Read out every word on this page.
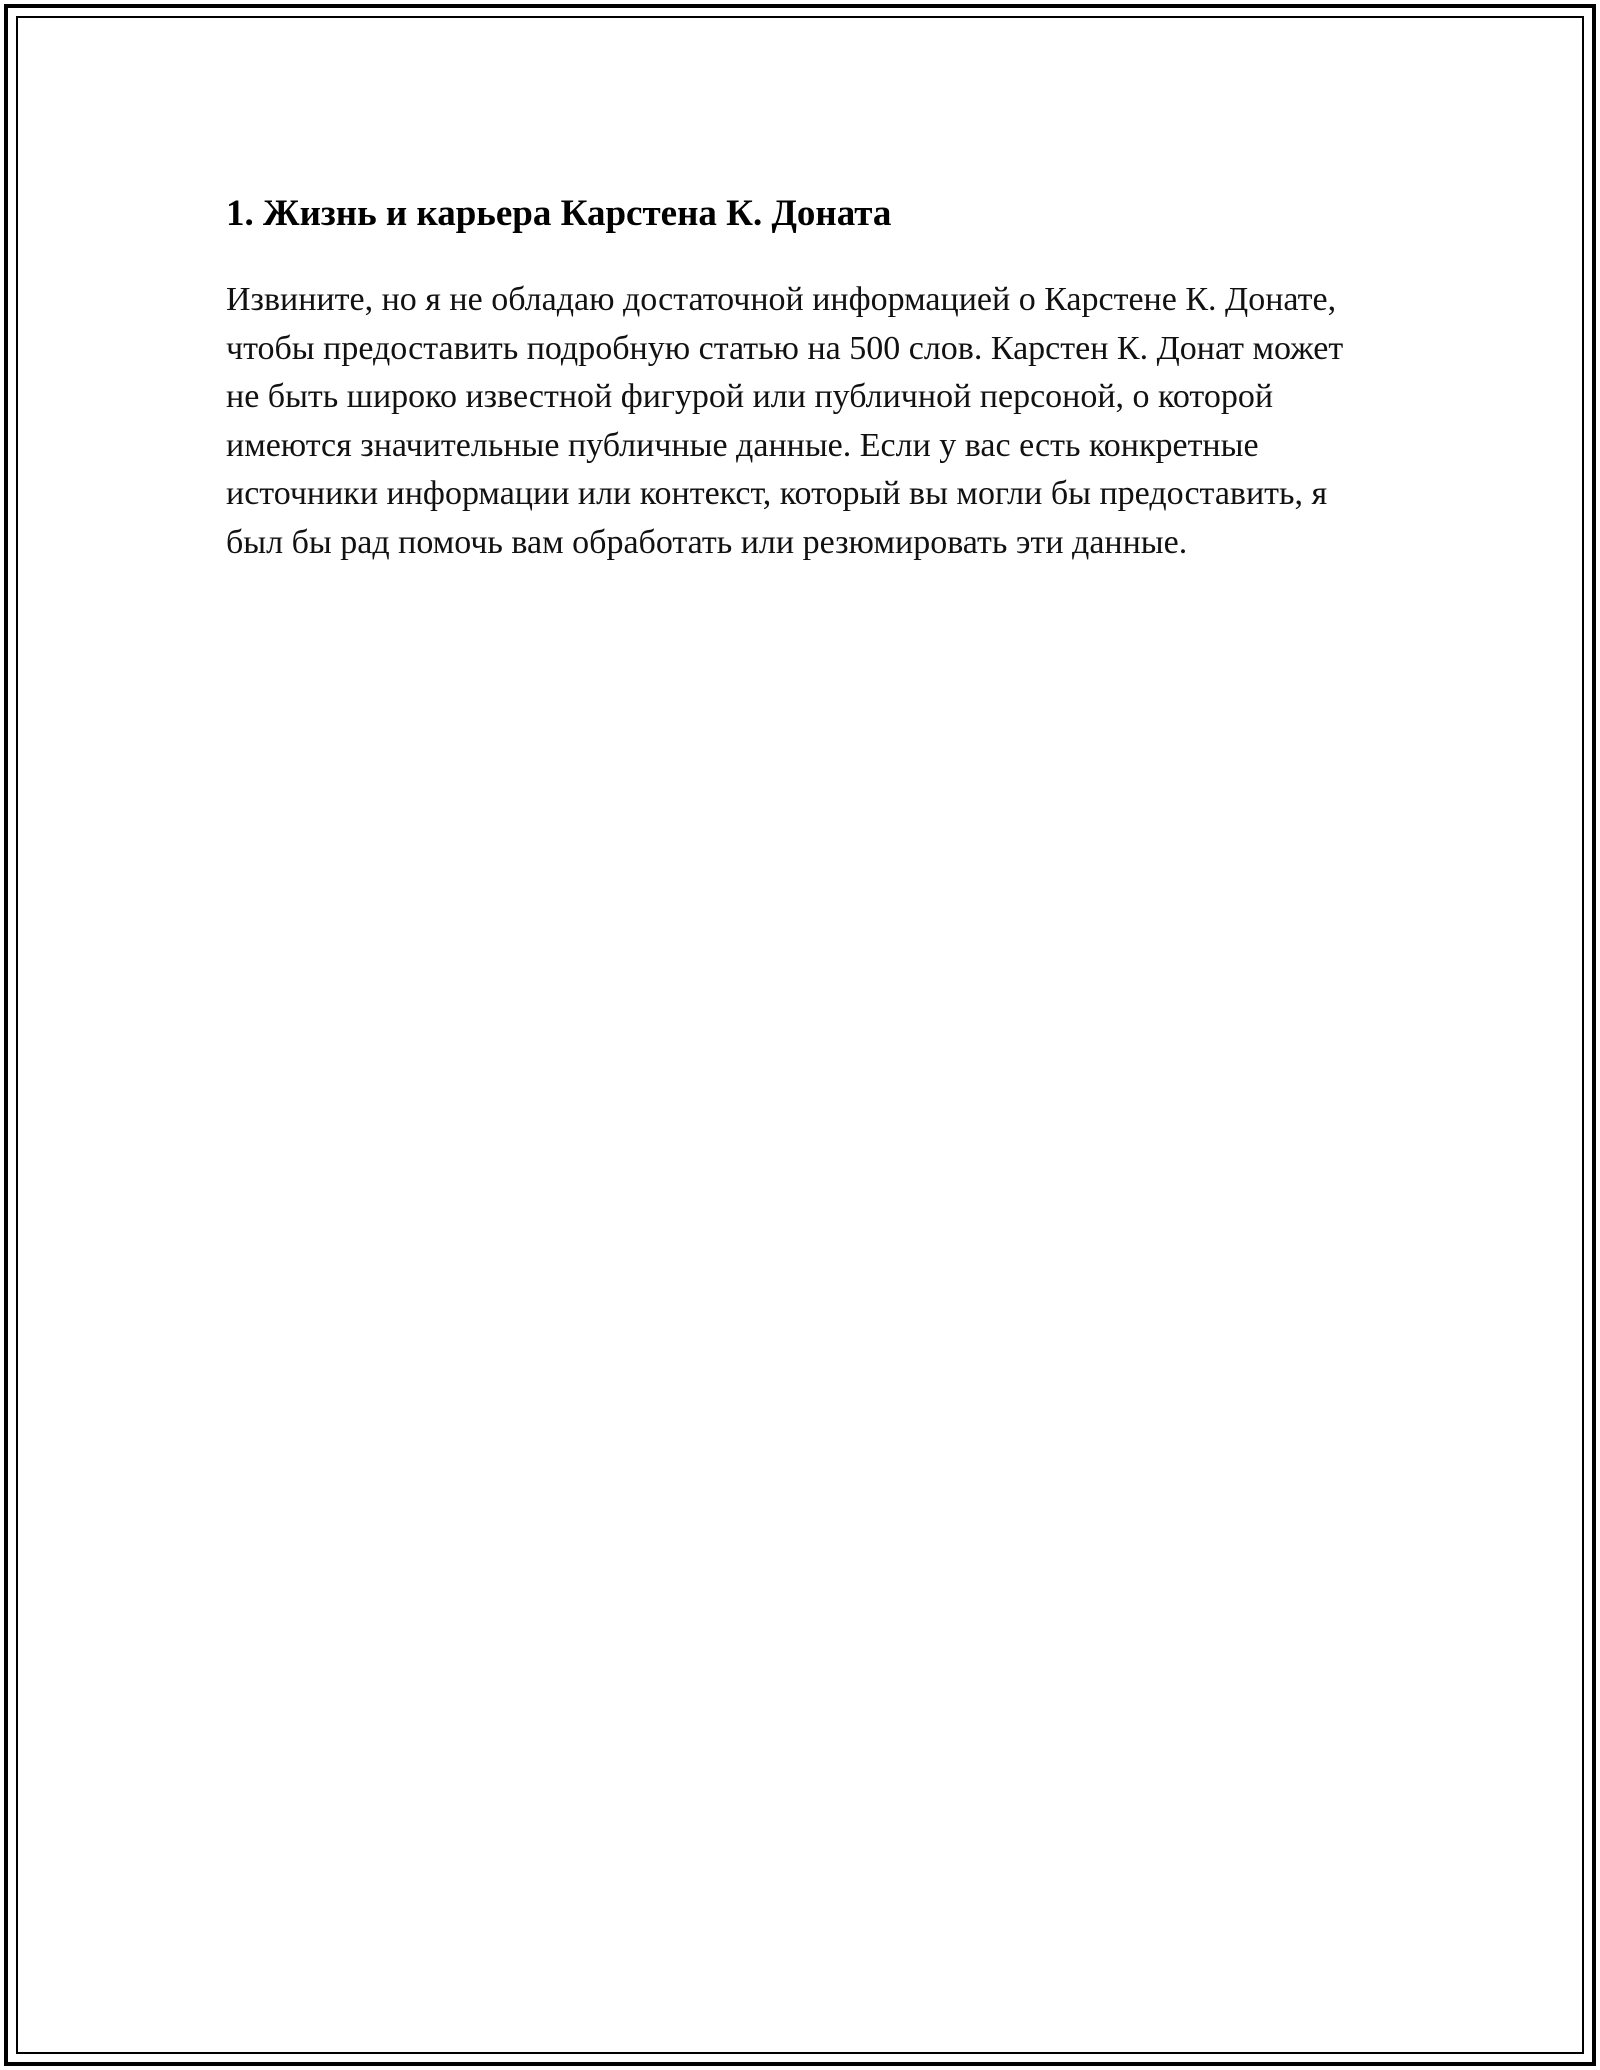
1. Жизнь и карьера Карстена К. Доната

Извините, но я не обладаю достаточной информацией о Карстене К. Донате, чтобы предоставить подробную статью на 500 слов. Карстен К. Донат может не быть широко известной фигурой или публичной персоной, о которой имеются значительные публичные данные. Если у вас есть конкретные источники информации или контекст, который вы могли бы предоставить, я был бы рад помочь вам обработать или резюмировать эти данные.
